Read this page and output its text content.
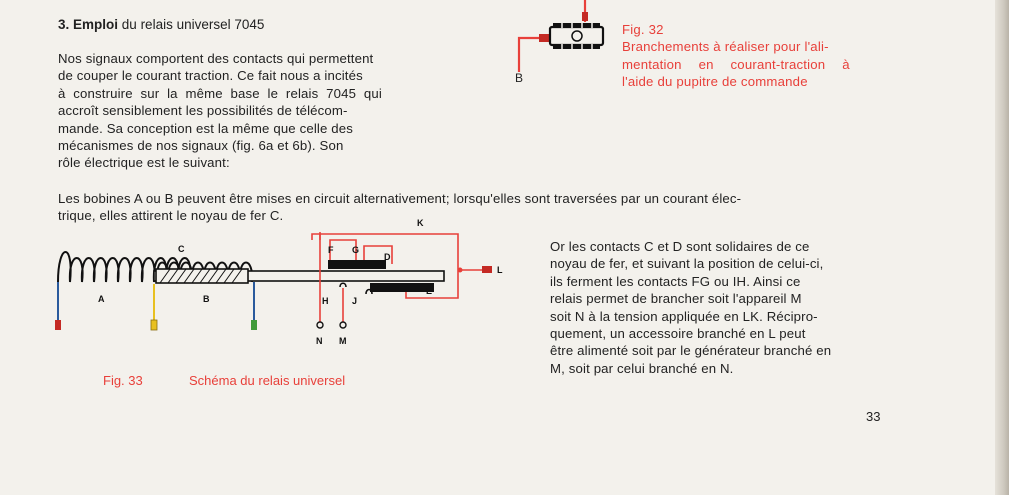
3. Emploi du relais universel 7045

Nos signaux comportent des contacts qui permettent
de couper le courant traction. Ce fait nous a incités
à construire sur la même base le relais 7045 qui
accroît sensiblement les possibilités de télécom-
mande. Sa conception est la même que celle des
mécanismes de nos signaux (fig. 6a et 6b). Son
rôle électrique est le suivant:
B
Fig. 32
Branchements à réaliser pour l'ali-
mentation en courant-traction à
l'aide du pupitre de commande
Les bobines A ou B peuvent être mises en circuit alternativement; lorsqu'elles sont traversées par un courant élec-
trique, elles attirent le noyau de fer C.
A
C
B
F G
D
K
E
H	J
L
N M

Fig. 33	Schéma du relais universel

Or les contacts C et D sont solidaires de ce
noyau de fer, et suivant la position de celui-ci,
ils ferment les contacts FG ou IH. Ainsi ce
relais permet de brancher soit l'appareil M
soit N à la tension appliquée en LK. Récipro-
quement, un accessoire branché en L peut
être alimenté soit par le générateur branché en
M, soit par celui branché en N.

33
